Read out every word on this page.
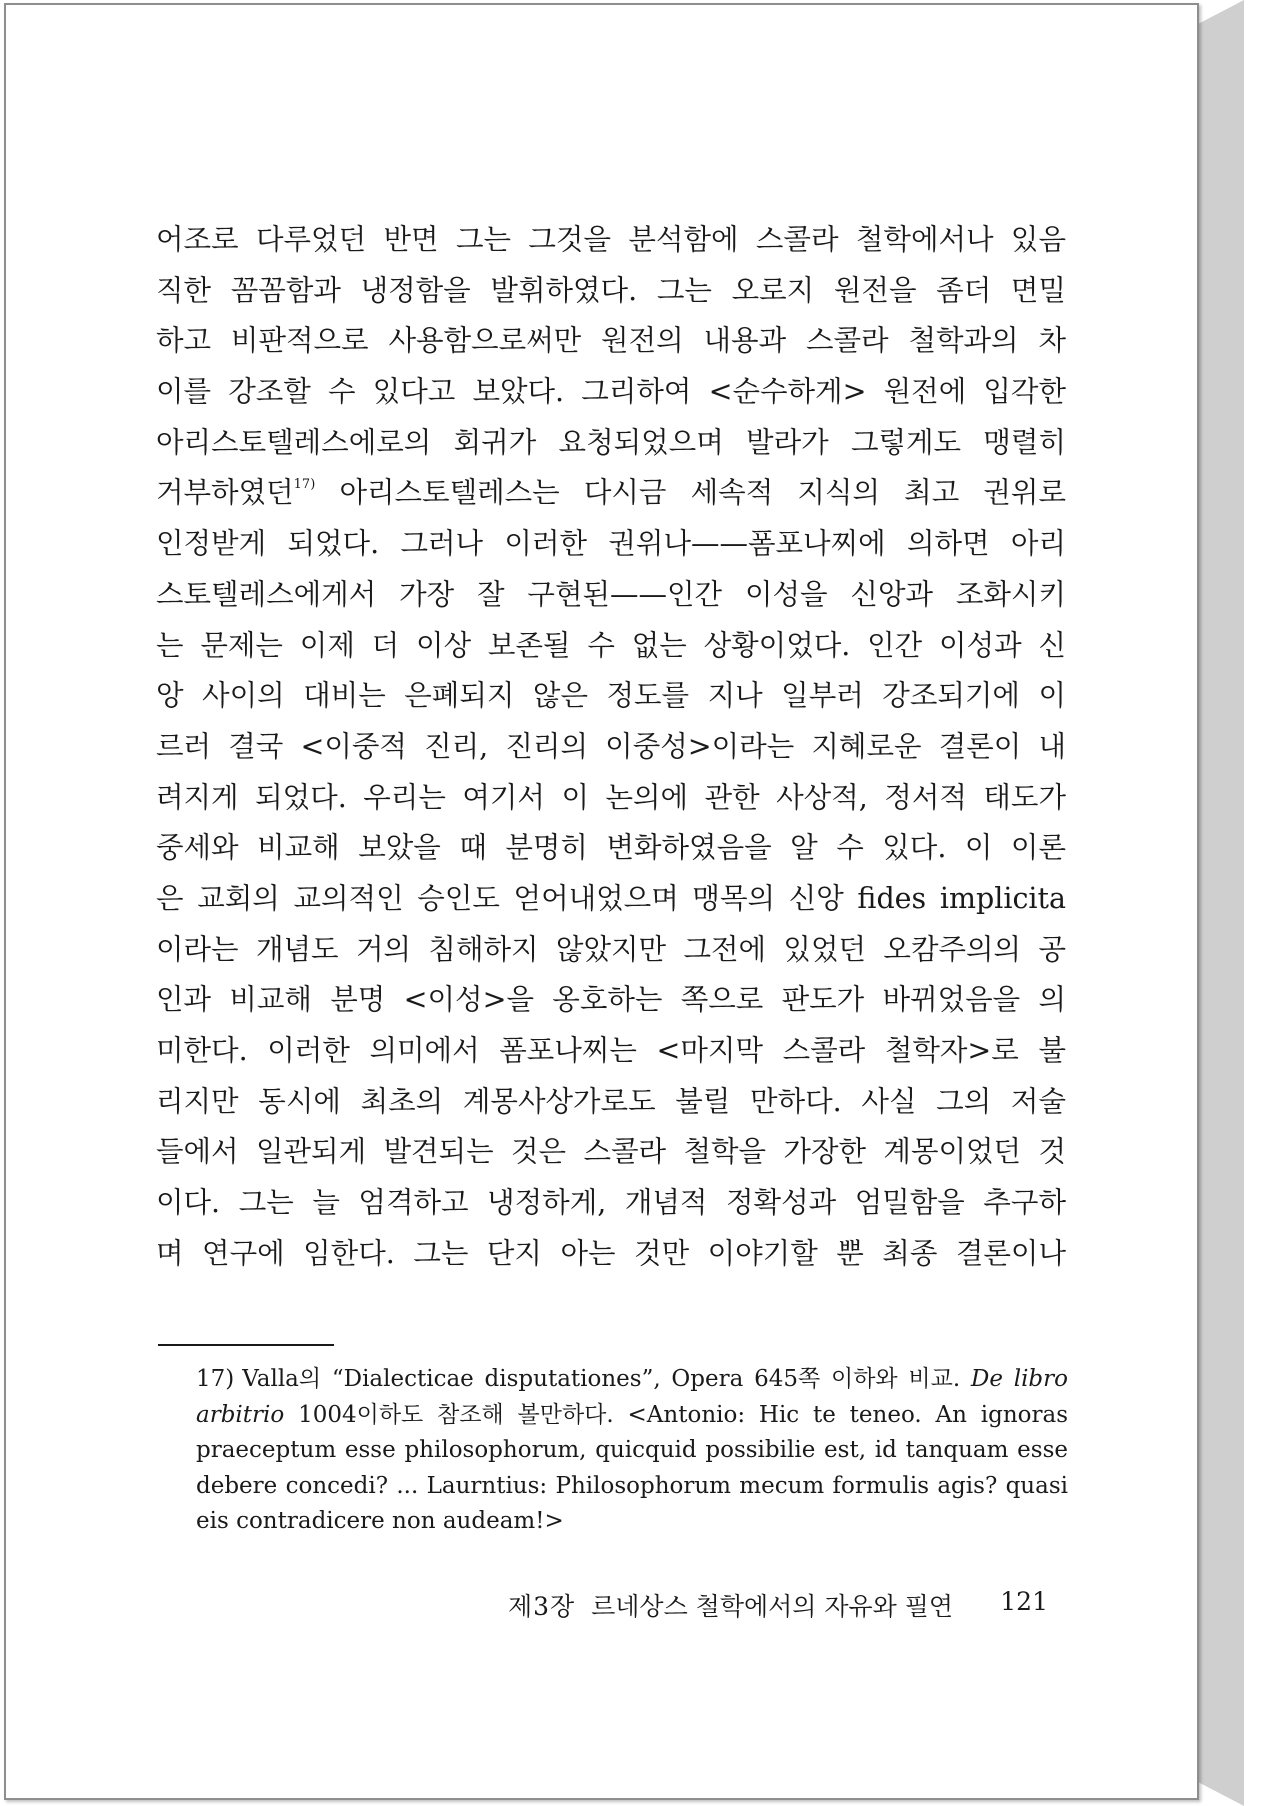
어조로 다루었던 반면 그는 그것을 분석함에 스콜라 철학에서나 있음
직한 꼼꼼함과 냉정함을 발휘하였다. 그는 오로지 원전을 좀더 면밀
하고 비판적으로 사용함으로써만 원전의 내용과 스콜라 철학과의 차
이를 강조할 수 있다고 보았다. 그리하여 <순수하게> 원전에 입각한
아리스토텔레스에로의 회귀가 요청되었으며 발라가 그렇게도 맹렬히
거부하였던$^{17)}$ 아리스토텔레스는 다시금 세속적 지식의 최고 권위로
인정받게 되었다. 그러나 이러한 권위나——폼포나찌에 의하면 아리
스토텔레스에게서 가장 잘 구현된——인간 이성을 신앙과 조화시키
는 문제는 이제 더 이상 보존될 수 없는 상황이었다. 인간 이성과 신
앙 사이의 대비는 은폐되지 않은 정도를 지나 일부러 강조되기에 이
르러 결국 <이중적 진리, 진리의 이중성>이라는 지혜로운 결론이 내
려지게 되었다. 우리는 여기서 이 논의에 관한 사상적, 정서적 태도가
중세와 비교해 보았을 때 분명히 변화하였음을 알 수 있다. 이 이론
은 교회의 교의적인 승인도 얻어내었으며 맹목의 신앙 fides implicita
이라는 개념도 거의 침해하지 않았지만 그전에 있었던 오캄주의의 공
인과 비교해 분명 <이성>을 옹호하는 쪽으로 판도가 바뀌었음을 의
미한다. 이러한 의미에서 폼포나찌는 <마지막 스콜라 철학자>로 불
리지만 동시에 최초의 계몽사상가로도 불릴 만하다. 사실 그의 저술
들에서 일관되게 발견되는 것은 스콜라 철학을 가장한 계몽이었던 것
이다. 그는 늘 엄격하고 냉정하게, 개념적 정확성과 엄밀함을 추구하
며 연구에 임한다. 그는 단지 아는 것만 이야기할 뿐 최종 결론이나
17) Valla의 “Dialecticae disputationes”, Opera 645쪽 이하와 비교. De libro
arbitrio 1004이하도 참조해 볼만하다. <Antonio: Hic te teneo. An ignoras
praeceptum esse philosophorum, quicquid possibilie est, id tanquam esse
debere concedi? ... Laurntius: Philosophorum mecum formulis agis? quasi
eis contradicere non audeam!>
제3장 르네상스 철학에서의 자유와 필연 121
